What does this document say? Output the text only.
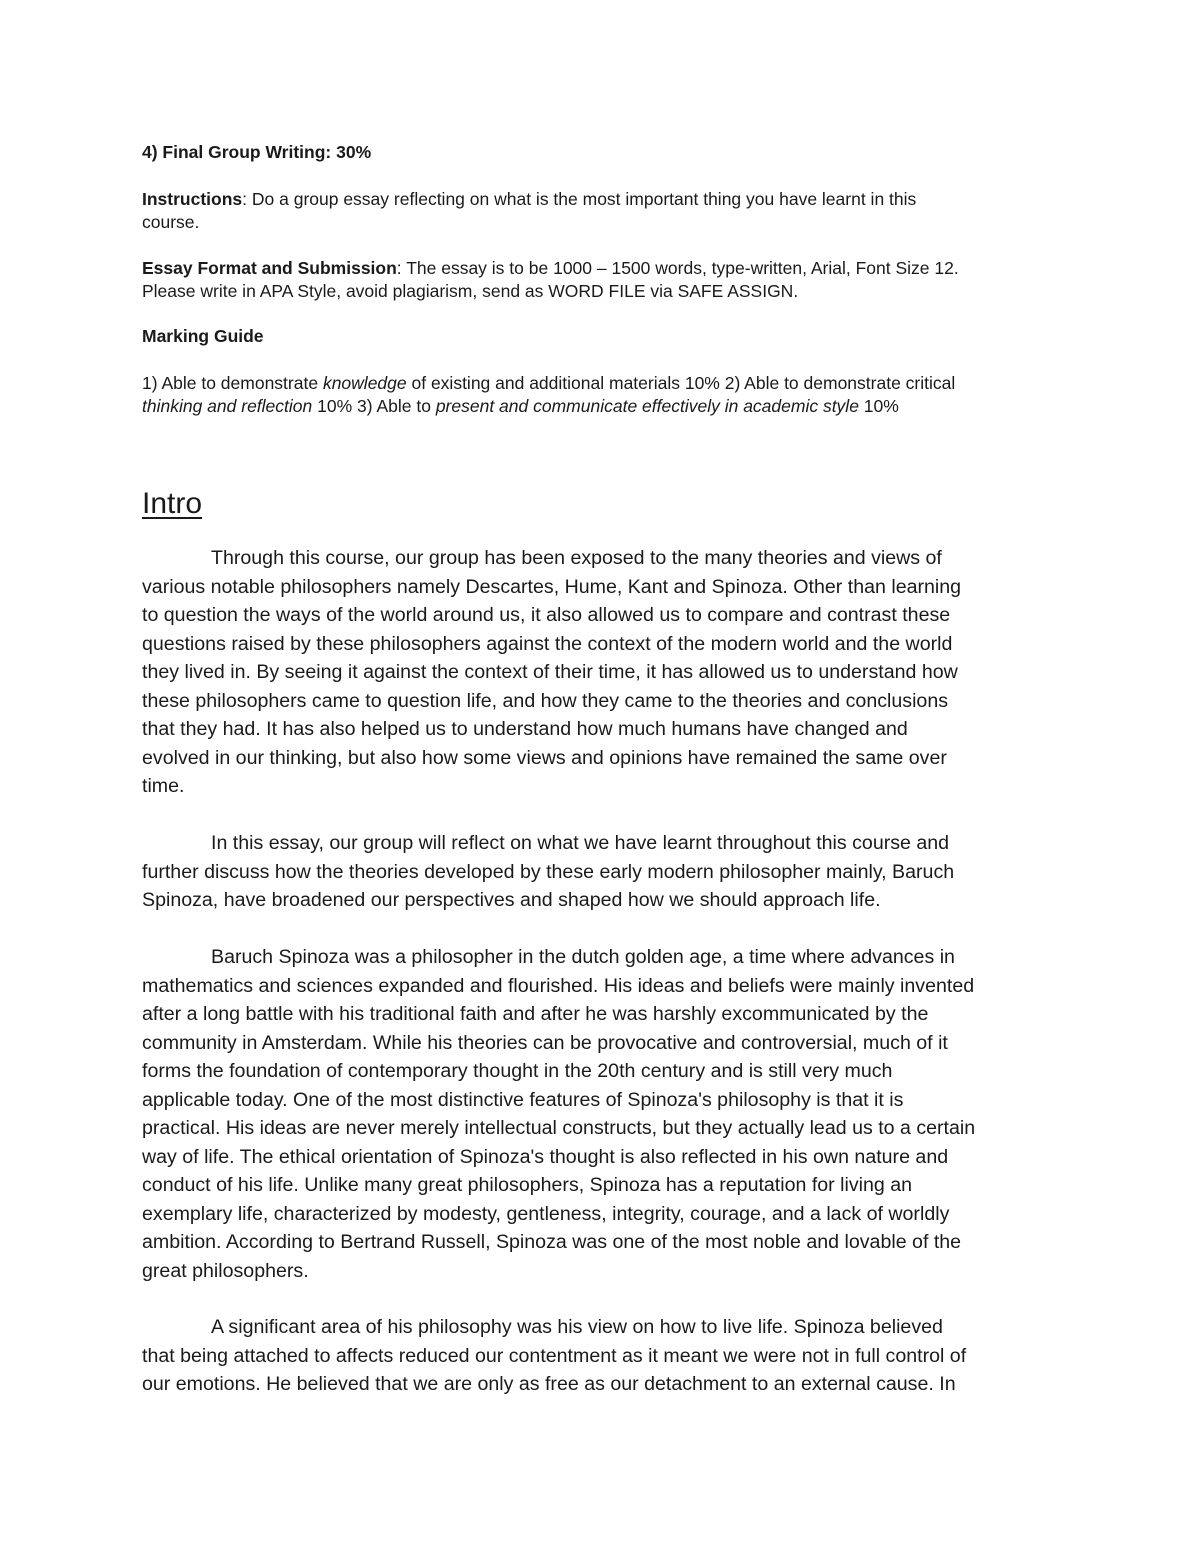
4) Final Group Writing: 30%
Instructions: Do a group essay reflecting on what is the most important thing you have learnt in this
course.
Essay Format and Submission: The essay is to be 1000 – 1500 words, type-written, Arial, Font Size 12.
Please write in APA Style, avoid plagiarism, send as WORD FILE via SAFE ASSIGN.
Marking Guide
1) Able to demonstrate knowledge of existing and additional materials 10% 2) Able to demonstrate critical
thinking and reflection 10% 3) Able to present and communicate effectively in academic style 10%
Intro
Through this course, our group has been exposed to the many theories and views of
various notable philosophers namely Descartes, Hume, Kant and Spinoza. Other than learning
to question the ways of the world around us, it also allowed us to compare and contrast these
questions raised by these philosophers against the context of the modern world and the world
they lived in. By seeing it against the context of their time, it has allowed us to understand how
these philosophers came to question life, and how they came to the theories and conclusions
that they had. It has also helped us to understand how much humans have changed and
evolved in our thinking, but also how some views and opinions have remained the same over
time.
In this essay, our group will reflect on what we have learnt throughout this course and
further discuss how the theories developed by these early modern philosopher mainly, Baruch
Spinoza, have broadened our perspectives and shaped how we should approach life.
Baruch Spinoza was a philosopher in the dutch golden age, a time where advances in
mathematics and sciences expanded and flourished. His ideas and beliefs were mainly invented
after a long battle with his traditional faith and after he was harshly excommunicated by the
community in Amsterdam. While his theories can be provocative and controversial, much of it
forms the foundation of contemporary thought in the 20th century and is still very much
applicable today. One of the most distinctive features of Spinoza's philosophy is that it is
practical. His ideas are never merely intellectual constructs, but they actually lead us to a certain
way of life. The ethical orientation of Spinoza's thought is also reflected in his own nature and
conduct of his life. Unlike many great philosophers, Spinoza has a reputation for living an
exemplary life, characterized by modesty, gentleness, integrity, courage, and a lack of worldly
ambition. According to Bertrand Russell, Spinoza was one of the most noble and lovable of the
great philosophers.
A significant area of his philosophy was his view on how to live life. Spinoza believed
that being attached to affects reduced our contentment as it meant we were not in full control of
our emotions. He believed that we are only as free as our detachment to an external cause. In
